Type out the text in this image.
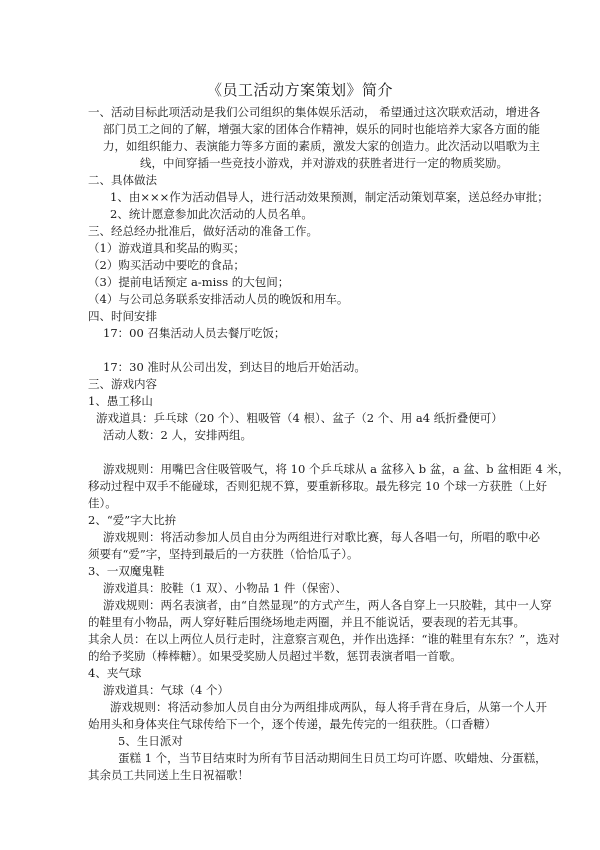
《员工活动方案策划》简介
一、活动目标此项活动是我们公司组织的集体娱乐活动， 希望通过这次联欢活动，增进各
部门员工之间的了解，增强大家的团体合作精神，娱乐的同时也能培养大家各方面的能
力，如组织能力、表演能力等多方面的素质，激发大家的创造力。此次活动以唱歌为主
线，中间穿插一些竞技小游戏，并对游戏的获胜者进行一定的物质奖励。
二、具体做法
1、由×××作为活动倡导人，进行活动效果预测，制定活动策划草案，送总经办审批；
2、统计愿意参加此次活动的人员名单。
三、经总经办批准后，做好活动的准备工作。
（1）游戏道具和奖品的购买；
（2）购买活动中要吃的食品；
（3）提前电话预定 a-miss 的大包间；
（4）与公司总务联系安排活动人员的晚饭和用车。
四、时间安排
17：00 召集活动人员去餐厅吃饭；
17：30 准时从公司出发，到达目的地后开始活动。
三、游戏内容
1、愚工移山
游戏道具：乒乓球（20 个）、粗吸管（4 根）、盆子（2 个、用 a4 纸折叠便可）
活动人数：2 人，安排两组。
游戏规则：用嘴巴含住吸管吸气，将 10 个乒乓球从 a 盆移入 b 盆，a 盆、b 盆相距 4 米，
移动过程中双手不能碰球，否则犯规不算，要重新移取。最先移完 10 个球一方获胜（上好
佳）。
2、“爱”字大比拚
游戏规则：将活动参加人员自由分为两组进行对歌比赛，每人各唱一句，所唱的歌中必
须要有“爱”字，坚持到最后的一方获胜（恰恰瓜子）。
3、一双魔鬼鞋
游戏道具：胶鞋（1 双）、小物品 1 件（保密）、
游戏规则：两名表演者，由“自然显现”的方式产生，两人各自穿上一只胶鞋，其中一人穿
的鞋里有小物品，两人穿好鞋后围绕场地走两圈，并且不能说话，要表现的若无其事。
其余人员：在以上两位人员行走时，注意察言观色，并作出选择：“谁的鞋里有东东？”，选对
的给予奖励（棒棒糖）。如果受奖励人员超过半数，惩罚表演者唱一首歌。
4、夹气球
游戏道具：气球（4 个）
游戏规则：将活动参加人员自由分为两组排成两队，每人将手背在身后，从第一个人开
始用头和身体夹住气球传给下一个，逐个传递，最先传完的一组获胜。（口香糖）
5、生日派对
蛋糕 1 个，当节目结束时为所有节目活动期间生日员工均可许愿、吹蜡烛、分蛋糕，
其余员工共同送上生日祝福歌！
